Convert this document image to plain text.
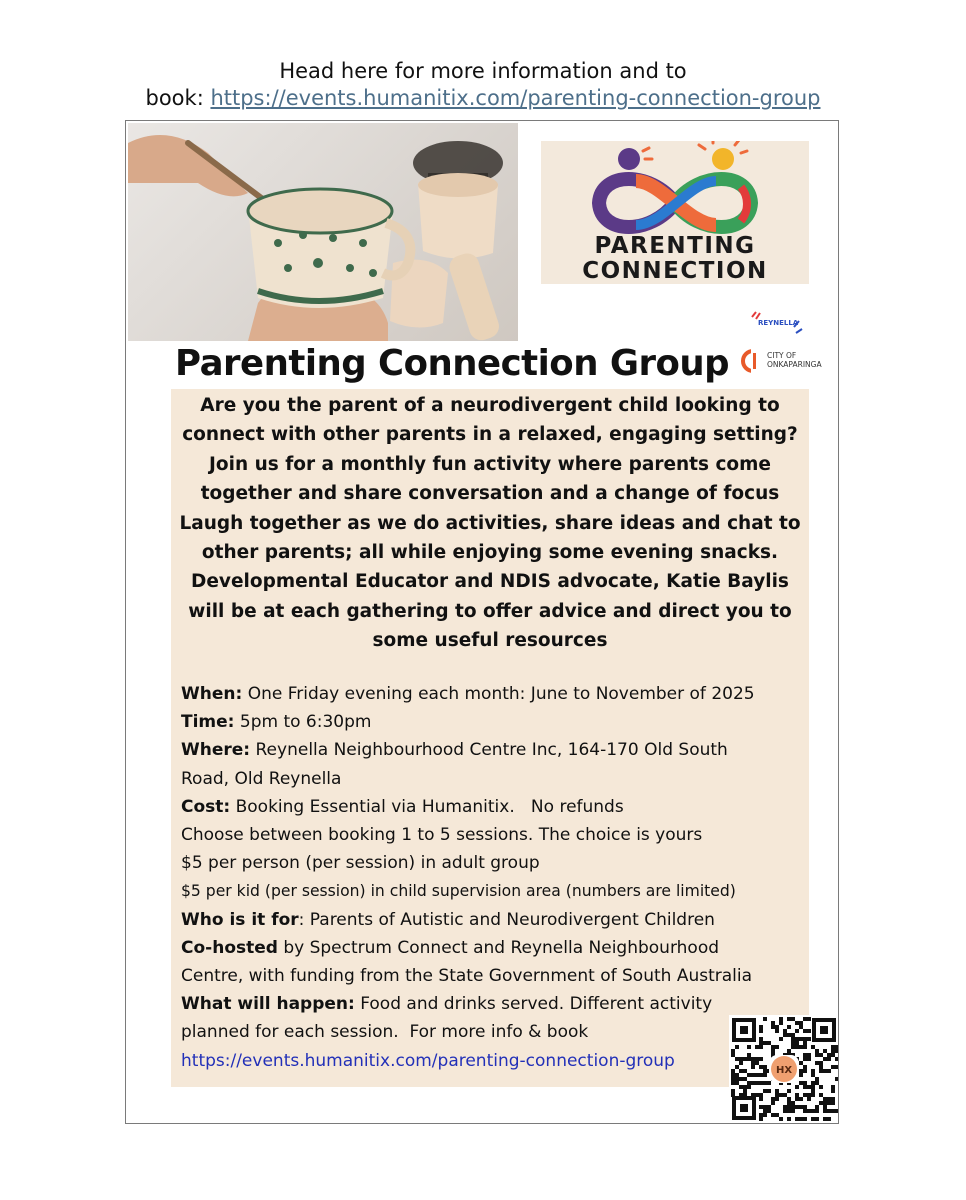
Head here for more information and to
book: https://events.humanitix.com/parenting-connection-group
PARENTING
CONNECTION
REYNELLA
CITY OF
ONKAPARINGA
Parenting Connection Group
Are you the parent of a neurodivergent child looking to
connect with other parents in a relaxed, engaging setting?
Join us for a monthly fun activity where parents come
together and share conversation and a change of focus
Laugh together as we do activities, share ideas and chat to
other parents; all while enjoying some evening snacks.
Developmental Educator and NDIS advocate, Katie Baylis
will be at each gathering to offer advice and direct you to
some useful resources
When: One Friday evening each month: June to November of 2025
Time: 5pm to 6:30pm
Where: Reynella Neighbourhood Centre Inc, 164-170 Old South
Road, Old Reynella
Cost: Booking Essential via Humanitix.   No refunds
Choose between booking 1 to 5 sessions. The choice is yours
$5 per person (per session) in adult group
$5 per kid (per session) in child supervision area (numbers are limited)
Who is it for: Parents of Autistic and Neurodivergent Children
Co-hosted by Spectrum Connect and Reynella Neighbourhood
Centre, with funding from the State Government of South Australia
What will happen: Food and drinks served. Different activity
planned for each session.  For more info & book
https://events.humanitix.com/parenting-connection-group	HX
